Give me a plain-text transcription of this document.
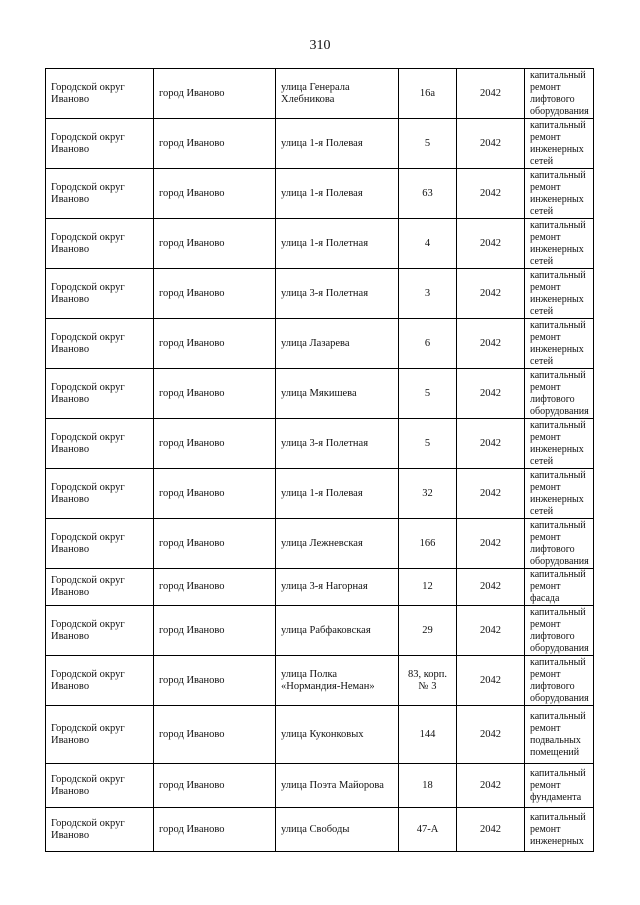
310
Городской округ Иваново	город Иваново	улица Генерала Хлебникова	16а	2042	капитальный ремонт лифтового оборудования
Городской округ Иваново	город Иваново	улица 1-я Полевая	5	2042	капитальный ремонт инженерных сетей
Городской округ Иваново	город Иваново	улица 1-я Полевая	63	2042	капитальный ремонт инженерных сетей
Городской округ Иваново	город Иваново	улица 1-я Полетная	4	2042	капитальный ремонт инженерных сетей
Городской округ Иваново	город Иваново	улица 3-я Полетная	3	2042	капитальный ремонт инженерных сетей
Городской округ Иваново	город Иваново	улица Лазарева	6	2042	капитальный ремонт инженерных сетей
Городской округ Иваново	город Иваново	улица Мякишева	5	2042	капитальный ремонт лифтового оборудования
Городской округ Иваново	город Иваново	улица 3-я Полетная	5	2042	капитальный ремонт инженерных сетей
Городской округ Иваново	город Иваново	улица 1-я Полевая	32	2042	капитальный ремонт инженерных сетей
Городской округ Иваново	город Иваново	улица Лежневская	166	2042	капитальный ремонт лифтового оборудования
Городской округ Иваново	город Иваново	улица 3-я Нагорная	12	2042	капитальный ремонт фасада
Городской округ Иваново	город Иваново	улица Рабфаковская	29	2042	капитальный ремонт лифтового оборудования
Городской округ Иваново	город Иваново	улица Полка «Нормандия-Неман»	83, корп. № 3	2042	капитальный ремонт лифтового оборудования
Городской округ Иваново	город Иваново	улица Куконковых	144	2042	капитальный ремонт подвальных помещений
Городской округ Иваново	город Иваново	улица Поэта Майорова	18	2042	капитальный ремонт фундамента
Городской округ Иваново	город Иваново	улица Свободы	47-А	2042	капитальный ремонт инженерных
